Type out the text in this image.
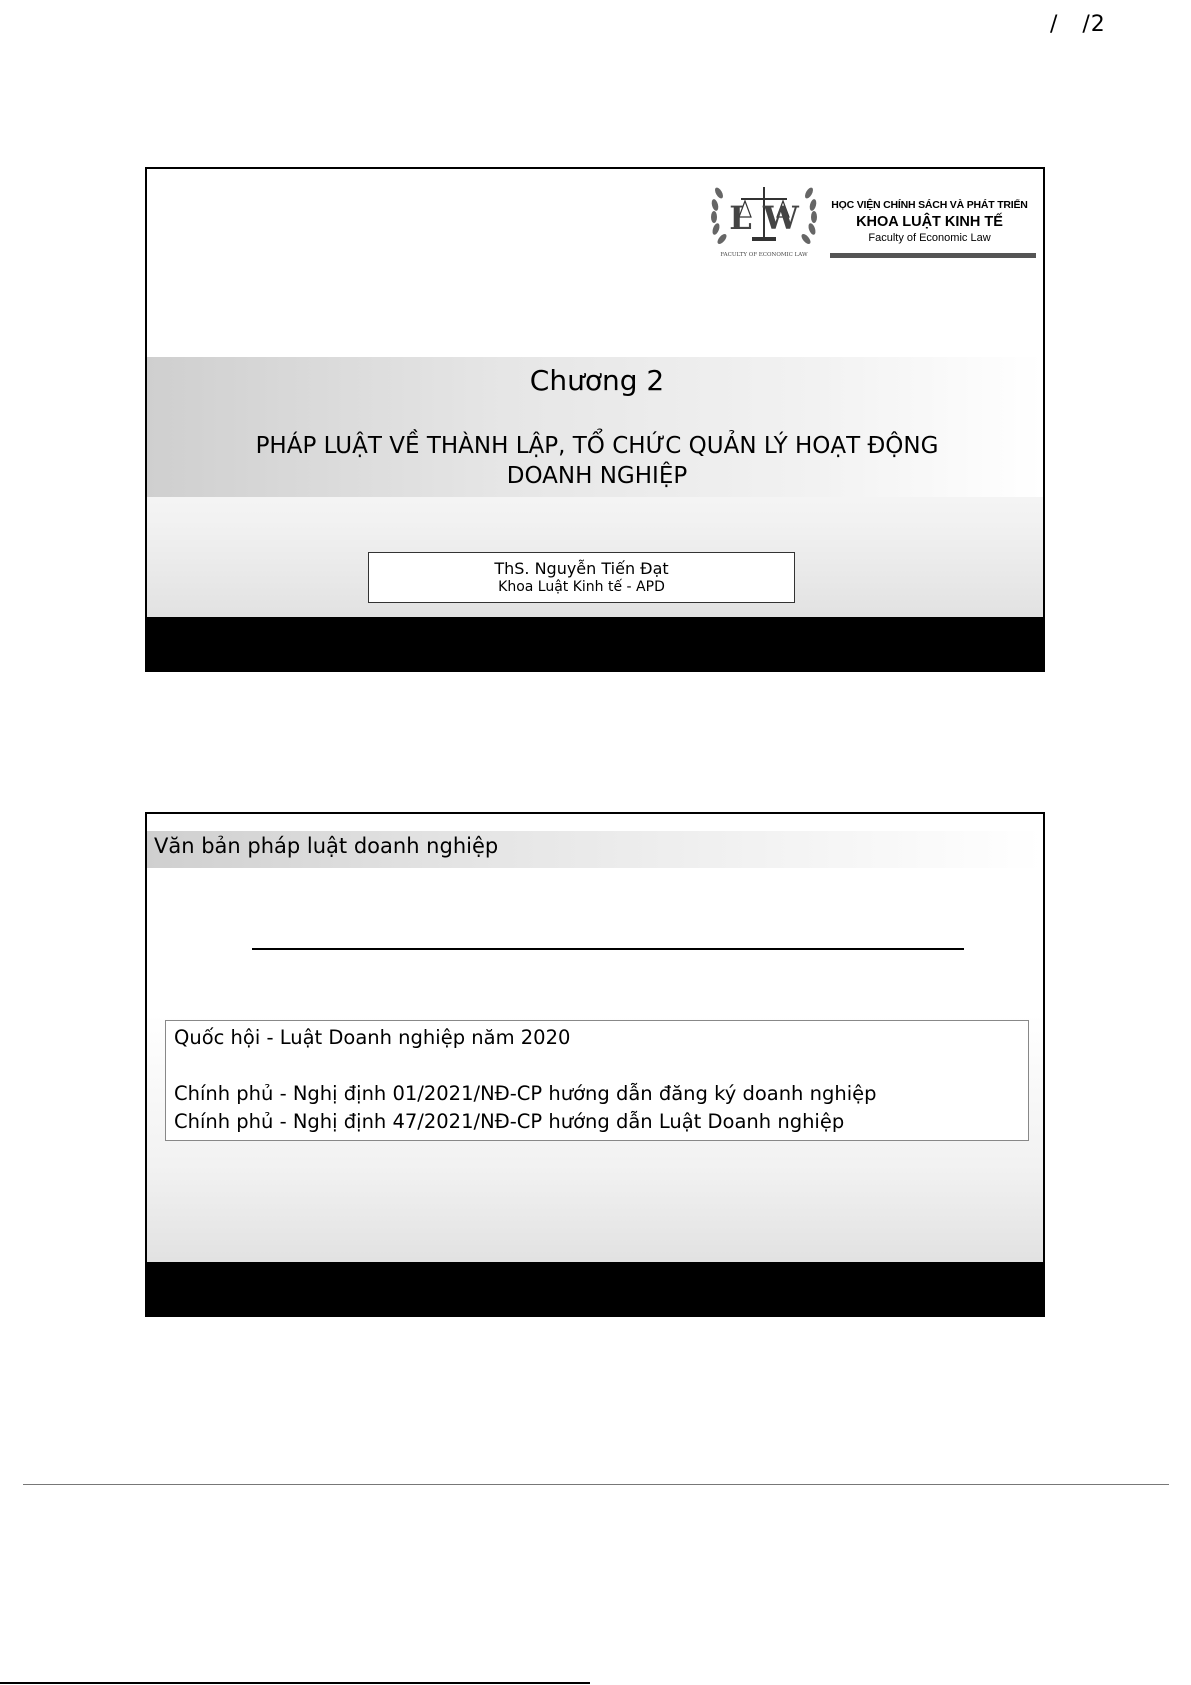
/   /2
L W
FACULTY OF ECONOMIC LAW
HỌC VIỆN CHÍNH SÁCH VÀ PHÁT TRIỂN
KHOA LUẬT KINH TẾ
Faculty of Economic Law
Chương 2
PHÁP LUẬT VỀ THÀNH LẬP, TỔ CHỨC QUẢN LÝ HOẠT ĐỘNG
DOANH NGHIỆP
ThS. Nguyễn Tiến Đạt
Khoa Luật Kinh tế - APD
Văn bản pháp luật doanh nghiệp
Quốc hội - Luật Doanh nghiệp năm 2020
Chính phủ - Nghị định 01/2021/NĐ-CP hướng dẫn đăng ký doanh nghiệp
Chính phủ - Nghị định 47/2021/NĐ-CP hướng dẫn Luật Doanh nghiệp
